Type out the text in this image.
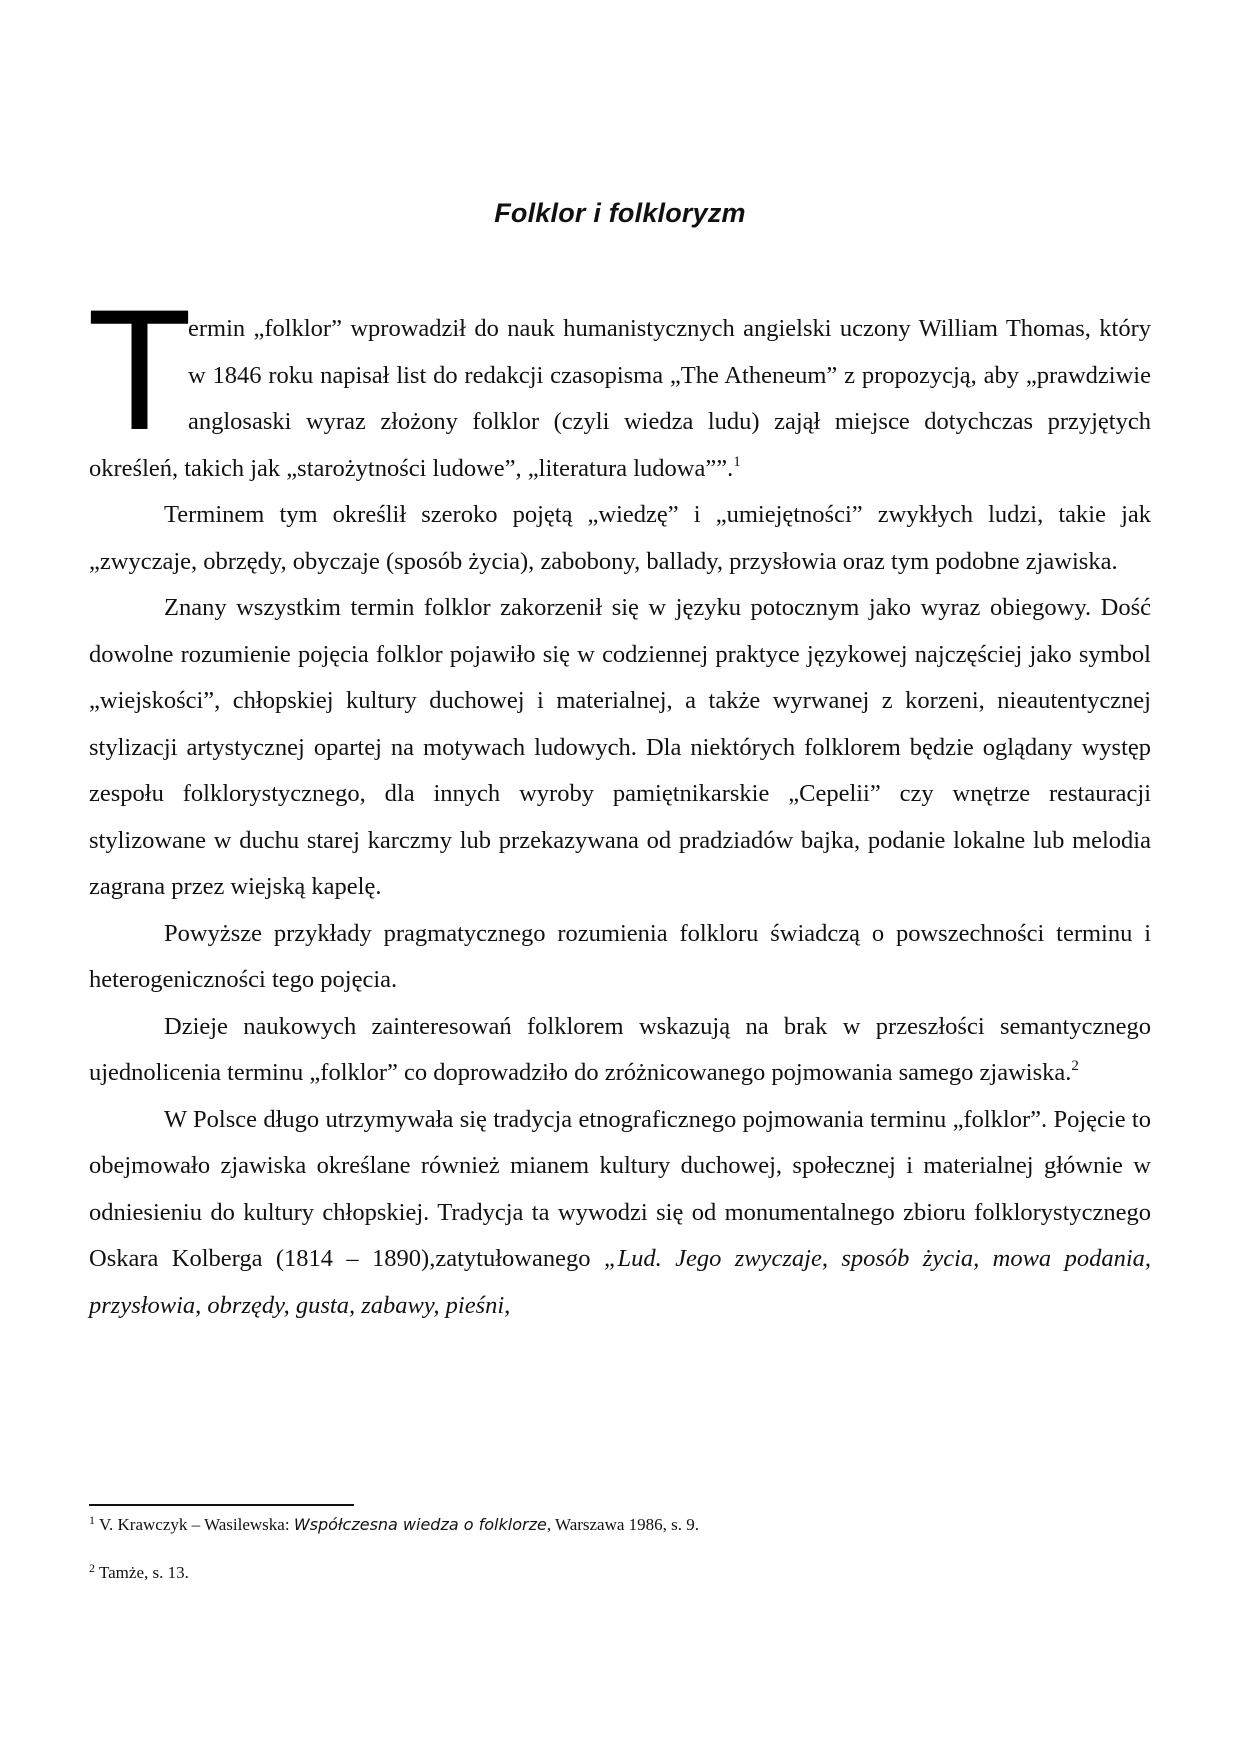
Folklor i folkloryzm

T
ermin „folklor” wprowadził do nauk humanistycznych angielski uczony William Thomas, który w 1846 roku napisał list do redakcji czasopisma „The Atheneum” z propozycją, aby „prawdziwie anglosaski wyraz złożony folklor (czyli wiedza ludu) zajął miejsce dotychczas przyjętych określeń, takich jak „starożytności ludowe”, „literatura ludowa””.$^1$

Terminem tym określił szeroko pojętą „wiedzę” i „umiejętności” zwykłych ludzi, takie jak „zwyczaje, obrzędy, obyczaje (sposób życia), zabobony, ballady, przysłowia oraz tym podobne zjawiska.

Znany wszystkim termin folklor zakorzenił się w języku potocznym jako wyraz obiegowy. Dość dowolne rozumienie pojęcia folklor pojawiło się w codziennej praktyce językowej najczęściej jako symbol „wiejskości”, chłopskiej kultury duchowej i materialnej, a także wyrwanej z korzeni, nieautentycznej stylizacji artystycznej opartej na motywach ludowych. Dla niektórych folklorem będzie oglądany występ zespołu folklorystycznego, dla innych wyroby pamiętnikarskie „Cepelii” czy wnętrze restauracji stylizowane w duchu starej karczmy lub przekazywana od pradziadów bajka, podanie lokalne lub melodia zagrana przez wiejską kapelę.

Powyższe przykłady pragmatycznego rozumienia folkloru świadczą o powszechności terminu i heterogeniczności tego pojęcia.

Dzieje naukowych zainteresowań folklorem wskazują na brak w przeszłości semantycznego ujednolicenia terminu „folklor” co doprowadziło do zróżnicowanego pojmowania samego zjawiska.$^2$

W Polsce długo utrzymywała się tradycja etnograficznego pojmowania terminu „folklor”. Pojęcie to obejmowało zjawiska określane również mianem kultury duchowej, społecznej i materialnej głównie w odniesieniu do kultury chłopskiej. Tradycja ta wywodzi się od monumentalnego zbioru folklorystycznego Oskara Kolberga (1814 – 1890),zatytułowanego „Lud. Jego zwyczaje, sposób życia, mowa podania, przysłowia, obrzędy, gusta, zabawy, pieśni,

$^1$ V. Krawczyk – Wasilewska: Współczesna wiedza o folklorze, Warszawa 1986, s. 9.

$^2$ Tamże, s. 13.
